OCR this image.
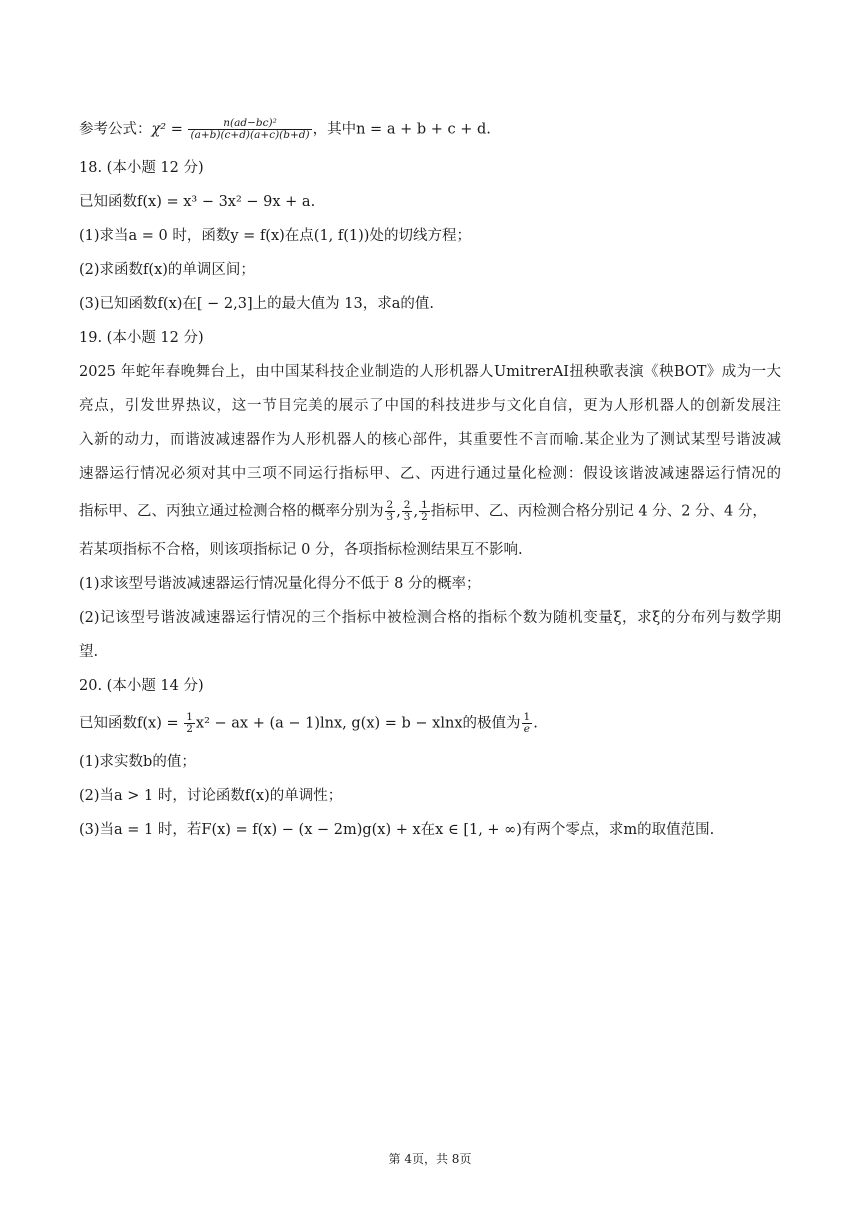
参考公式：$\chi^2 = \frac{\text{n(ad−bc)²}}{(a+b)(c+d)(a+c)(b+d)}$ ，其中n = a + b + c + d.
18. (本小题 12 分)
已知函数f(x) = x³ − 3x² − 9x + a.
(1)求当a = 0 时，函数y = f(x)在点(1, f(1))处的切线方程；
(2)求函数f(x)的单调区间；
(3)已知函数f(x)在[ − 2,3]上的最大值为 13，求a的值.
19. (本小题 12 分)
2025 年蛇年春晚舞台上，由中国某科技企业制造的人形机器人UmitrerAI扭秧歌表演《秧BOT》成为一大
亮点，引发世界热议，这一节目完美的展示了中国的科技进步与文化自信，更为人形机器人的创新发展注
入新的动力，而谐波减速器作为人形机器人的核心部件，其重要性不言而喻.某企业为了测试某型号谐波减
速器运行情况必须对其中三项不同运行指标甲、乙、丙进行通过量化检测：假设该谐波减速器运行情况的
指标甲、乙、丙独立通过检测合格的概率分别为 $\frac{2}{3}$ , $\frac{2}{3}$ , $\frac{1}{2}$ 指标甲、乙、丙检测合格分别记 4 分、2 分、4 分，
若某项指标不合格，则该项指标记 0 分，各项指标检测结果互不影响.
(1)求该型号谐波减速器运行情况量化得分不低于 8 分的概率；
(2)记该型号谐波减速器运行情况的三个指标中被检测合格的指标个数为随机变量ξ，求ξ的分布列与数学期
望.
20. (本小题 14 分)
已知函数$f(x) = \frac{1}{2} x^2$ − ax + (a − 1)lnx, g(x) = b − xlnx的极值为 $\frac{1}{e}$ .
(1)求实数b的值；
(2)当a > 1 时，讨论函数f(x)的单调性；
(3)当a = 1 时，若F(x) = f(x) − (x − 2m)g(x) + x在x ∈ [1, + ∞)有两个零点，求m的取值范围.
第 4页，共 8页
